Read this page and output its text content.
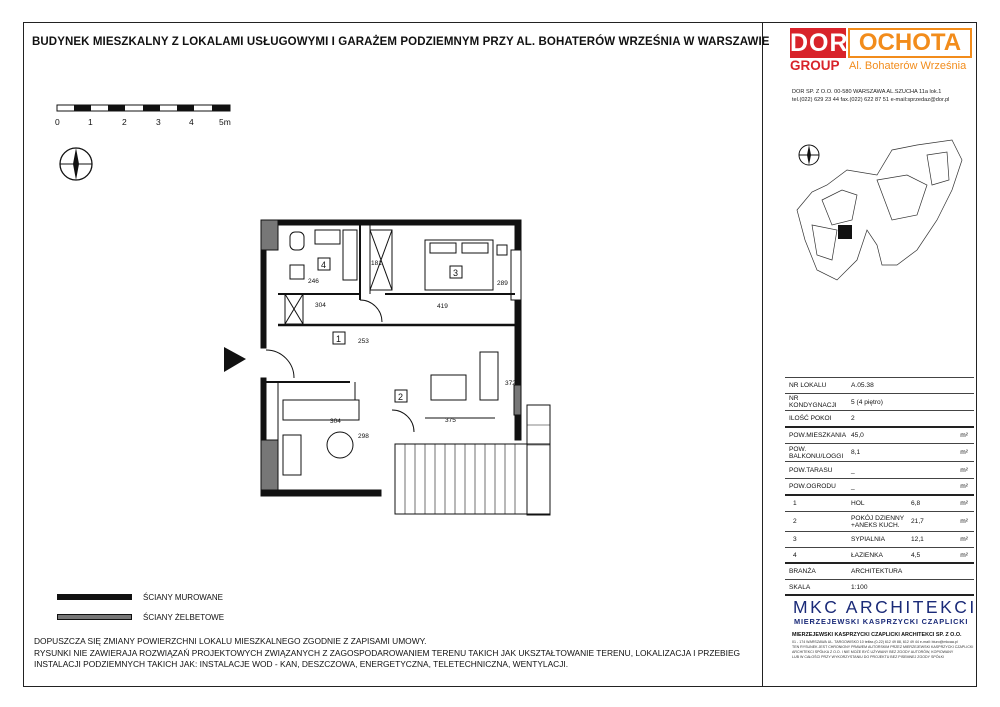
BUDYNEK MIESZKALNY Z LOKALAMI USŁUGOWYMI I GARAŻEM PODZIEMNYM PRZY AL. BOHATERÓW WRZEŚNIA W WARSZAWIE DOR OCHOTA
GROUP Al. Bohaterów Września
DOR SP. Z O.O. 00-580 WARSZAWA AL.SZUCHA 11a lok.1
tel.(022) 629 23 44 fax.(022) 622 87 51 e-mail:sprzedaz@dor.pl
0	1	2	3	4	5m
4
3
1
2
304
246
181
419
289
253
372
304
298
375
NR LOKALU	A.05.38
NR KONDYGNACJI	5 (4 piętro)
ILOŚĆ POKOI	2
POW.MIESZKANIA 45,0	m²
POW. BALKONU/LOGGI	8,1	m²
POW.TARASU	_	m²
POW.OGRODU	_	m²
1	HOL	6,8	m²
2	POKÓJ DZIENNY +ANEKS KUCH.	21,7	m²
3	SYPIALNIA	12,1	m²
4	ŁAZIENKA	4,5	m²
BRANŻA	ARCHITEKTURA
SKALA	1:100
MKC ARCHITEKCI
MIERZEJEWSKI KASPRZYCKI CZAPLICKI
MIERZEJEWSKI KASPRZYCKI CZAPLICKI ARCHITEKCI SP. Z O.O.
01 - 174 WARSZAWA UL. TARGOWISKO 10 telfax.(0-22) 612 49 88, 612 49 44 e-mail: biuro@mkcaa.pl
TEN RYSUNEK JEST CHRONIONY PRAWEM AUTORSKIM PRZEZ MIERZEJEWSKI KASPRZYCKI CZAPLICKI
ARCHITEKCI SPÓŁKA Z O.O. I NIE MOŻE BYĆ UŻYWANY BEZ ZGODY AUTORÓW, KOPIOWANY
LUB W CAŁOŚCI PRZY WYKORZYSTANIU DO PROJEKTU BEZ PISEMNEJ ZGODY SPÓŁKI
ŚCIANY MUROWANE
ŚCIANY ŻELBETOWE
DOPUSZCZA SIĘ ZMIANY POWIERZCHNI LOKALU MIESZKALNEGO ZGODNIE Z ZAPISAMI UMOWY.
RYSUNKI NIE ZAWIERAJA ROZWIĄZAŃ PROJEKTOWYCH ZWIĄZANYCH Z ZAGOSPODAROWANIEM TERENU TAKICH JAK UKSZTAŁTOWANIE TERENU, LOKALIZACJA I PRZEBIEG
INSTALACJI PODZIEMNYCH TAKICH JAK: INSTALACJE WOD - KAN, DESZCZOWA, ENERGETYCZNA, TELETECHNICZNA, WENTYLACJI.
